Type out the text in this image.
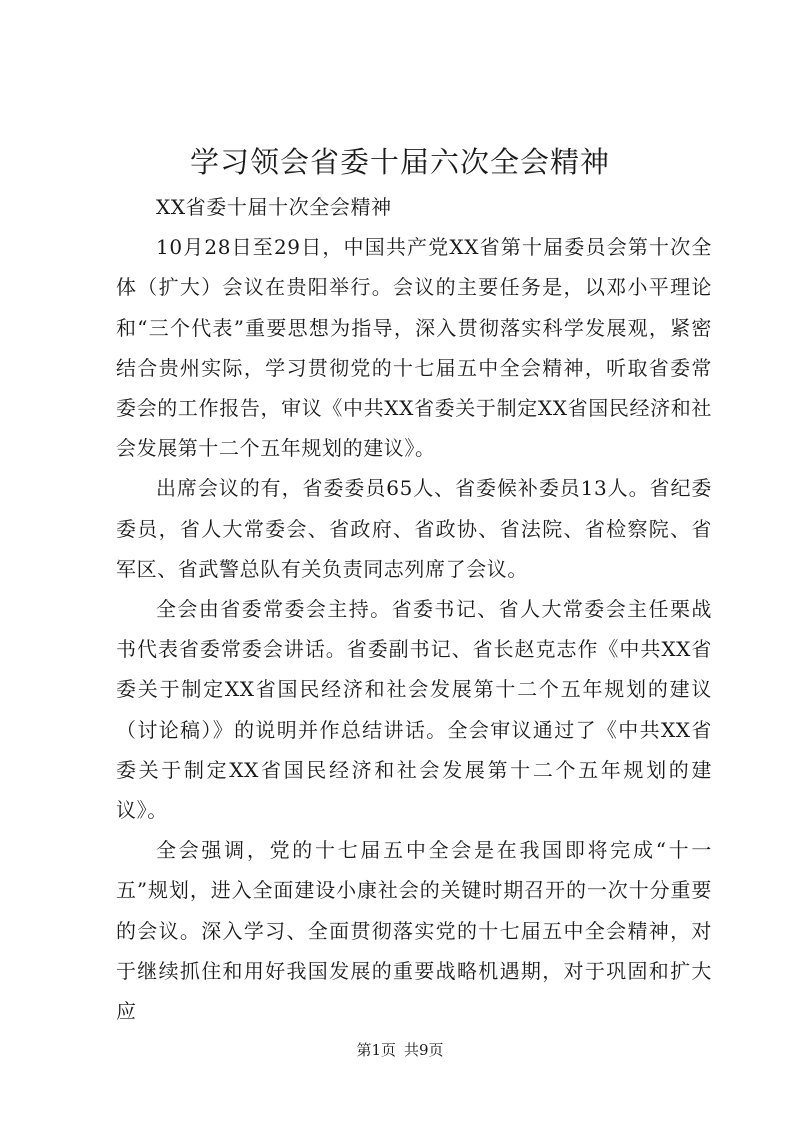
学习领会省委十届六次全会精神

XX省委十届十次全会精神

10月28日至29日，中国共产党XX省第十届委员会第十次全体（扩大）会议在贵阳举行。会议的主要任务是，以邓小平理论和“三个代表”重要思想为指导，深入贯彻落实科学发展观，紧密结合贵州实际，学习贯彻党的十七届五中全会精神，听取省委常委会的工作报告，审议《中共XX省委关于制定XX省国民经济和社会发展第十二个五年规划的建议》。

出席会议的有，省委委员65人、省委候补委员13人。省纪委委员，省人大常委会、省政府、省政协、省法院、省检察院、省军区、省武警总队有关负责同志列席了会议。

全会由省委常委会主持。省委书记、省人大常委会主任栗战书代表省委常委会讲话。省委副书记、省长赵克志作《中共XX省委关于制定XX省国民经济和社会发展第十二个五年规划的建议（讨论稿）》的说明并作总结讲话。全会审议通过了《中共XX省委关于制定XX省国民经济和社会发展第十二个五年规划的建议》。

全会强调，党的十七届五中全会是在我国即将完成“十一五”规划，进入全面建设小康社会的关键时期召开的一次十分重要的会议。深入学习、全面贯彻落实党的十七届五中全会精神，对于继续抓住和用好我国发展的重要战略机遇期，对于巩固和扩大应

第1页 共9页
